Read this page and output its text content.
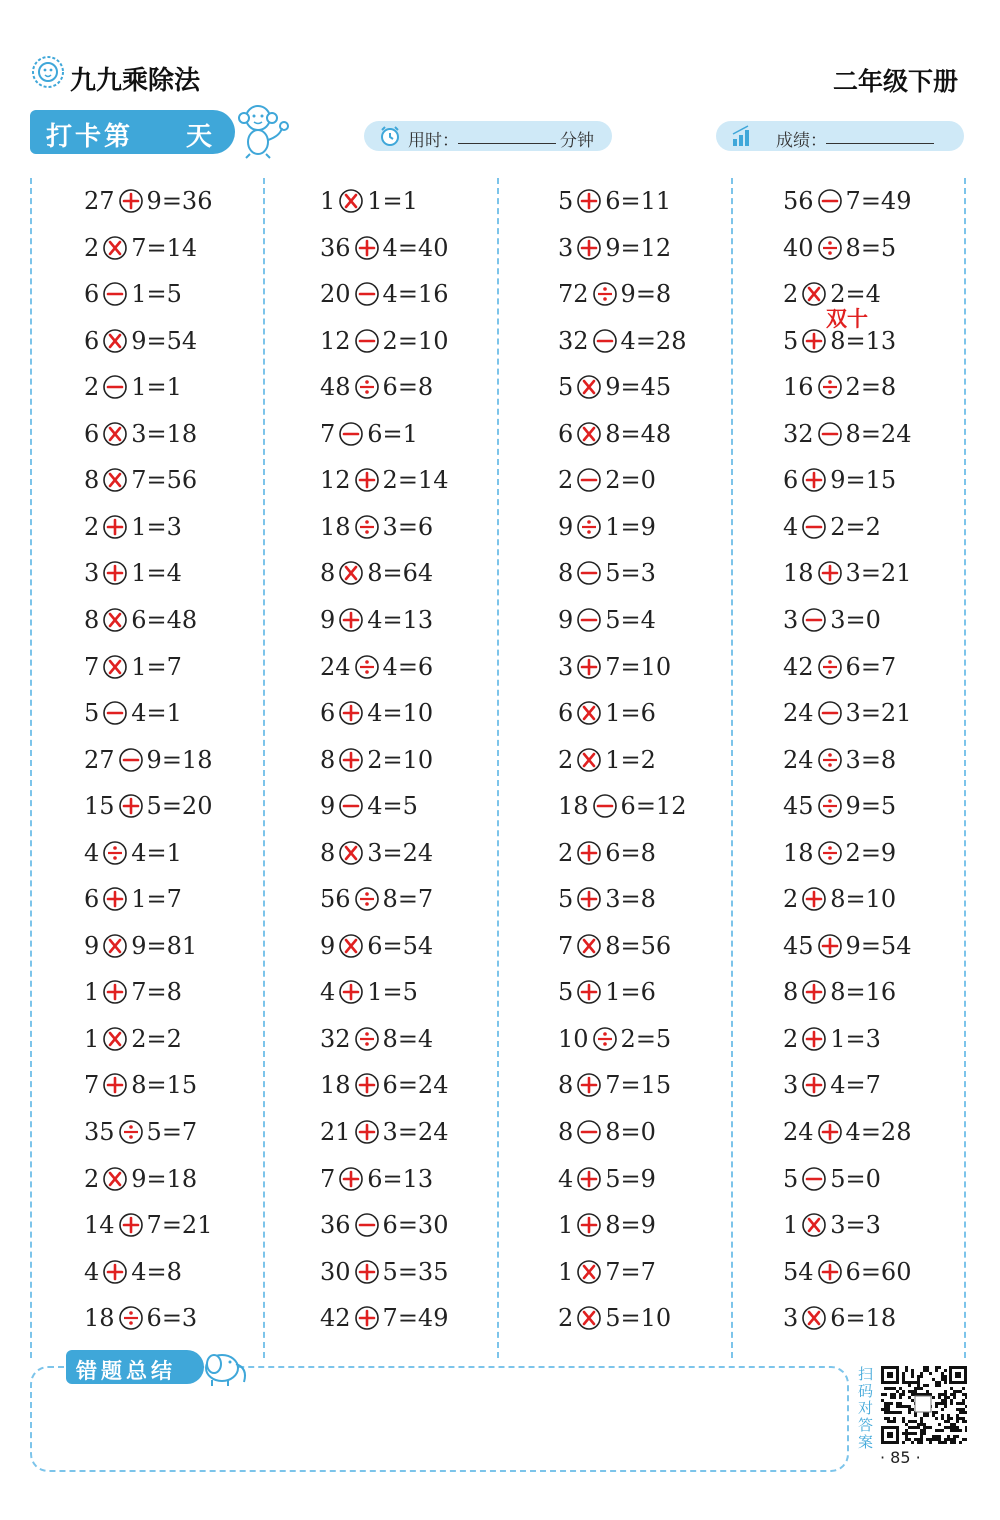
九九乘除法	二年级下册
打卡第 天	用时：	分钟	成绩：
27 9=36
2 7=14
6 1=5
6 9=54
2 1=1
6 3=18
8 7=56
2 1=3
3 1=4
8 6=48
7 1=7
5 4=1
27 9=18
15 5=20
4 4=1
6 1=7
9 9=81
1 7=8
1 2=2
7 8=15
35 5=7
2 9=18
14 7=21
4 4=8
18 6=3
1 1=1
36 4=40
20 4=16
12 2=10
48 6=8
7 6=1
12 2=14
18 3=6
8 8=64
9 4=13
24 4=6
6 4=10
8 2=10
9 4=5
8 3=24
56 8=7
9 6=54
4 1=5
32 8=4
18 6=24
21 3=24
7 6=13
36 6=30
30 5=35
42 7=49
5 6=11
3 9=12
72 9=8
32 4=28
5 9=45
6 8=48
2 2=0
9 1=9
8 5=3
9 5=4
3 7=10
6 1=6
2 1=2
18 6=12
2 6=8
5 3=8
7 8=56
5 1=6
10 2=5
8 7=15
8 8=0
4 5=9
1 8=9
1 7=7
2 5=10
56 7=49
40 8=5
2 2=4
5 8=13
16 2=8
32 8=24
6 9=15
4 2=2
18 3=21
3 3=0
42 6=7
24 3=21
24 3=8
45 9=5
18 2=9
2 8=10
45 9=54
8 8=16
2 1=3
3 4=7
24 4=28
5 5=0
1 3=3
54 6=60
3 6=18
双十
错题总结	扫码对答案
· 85 ·
